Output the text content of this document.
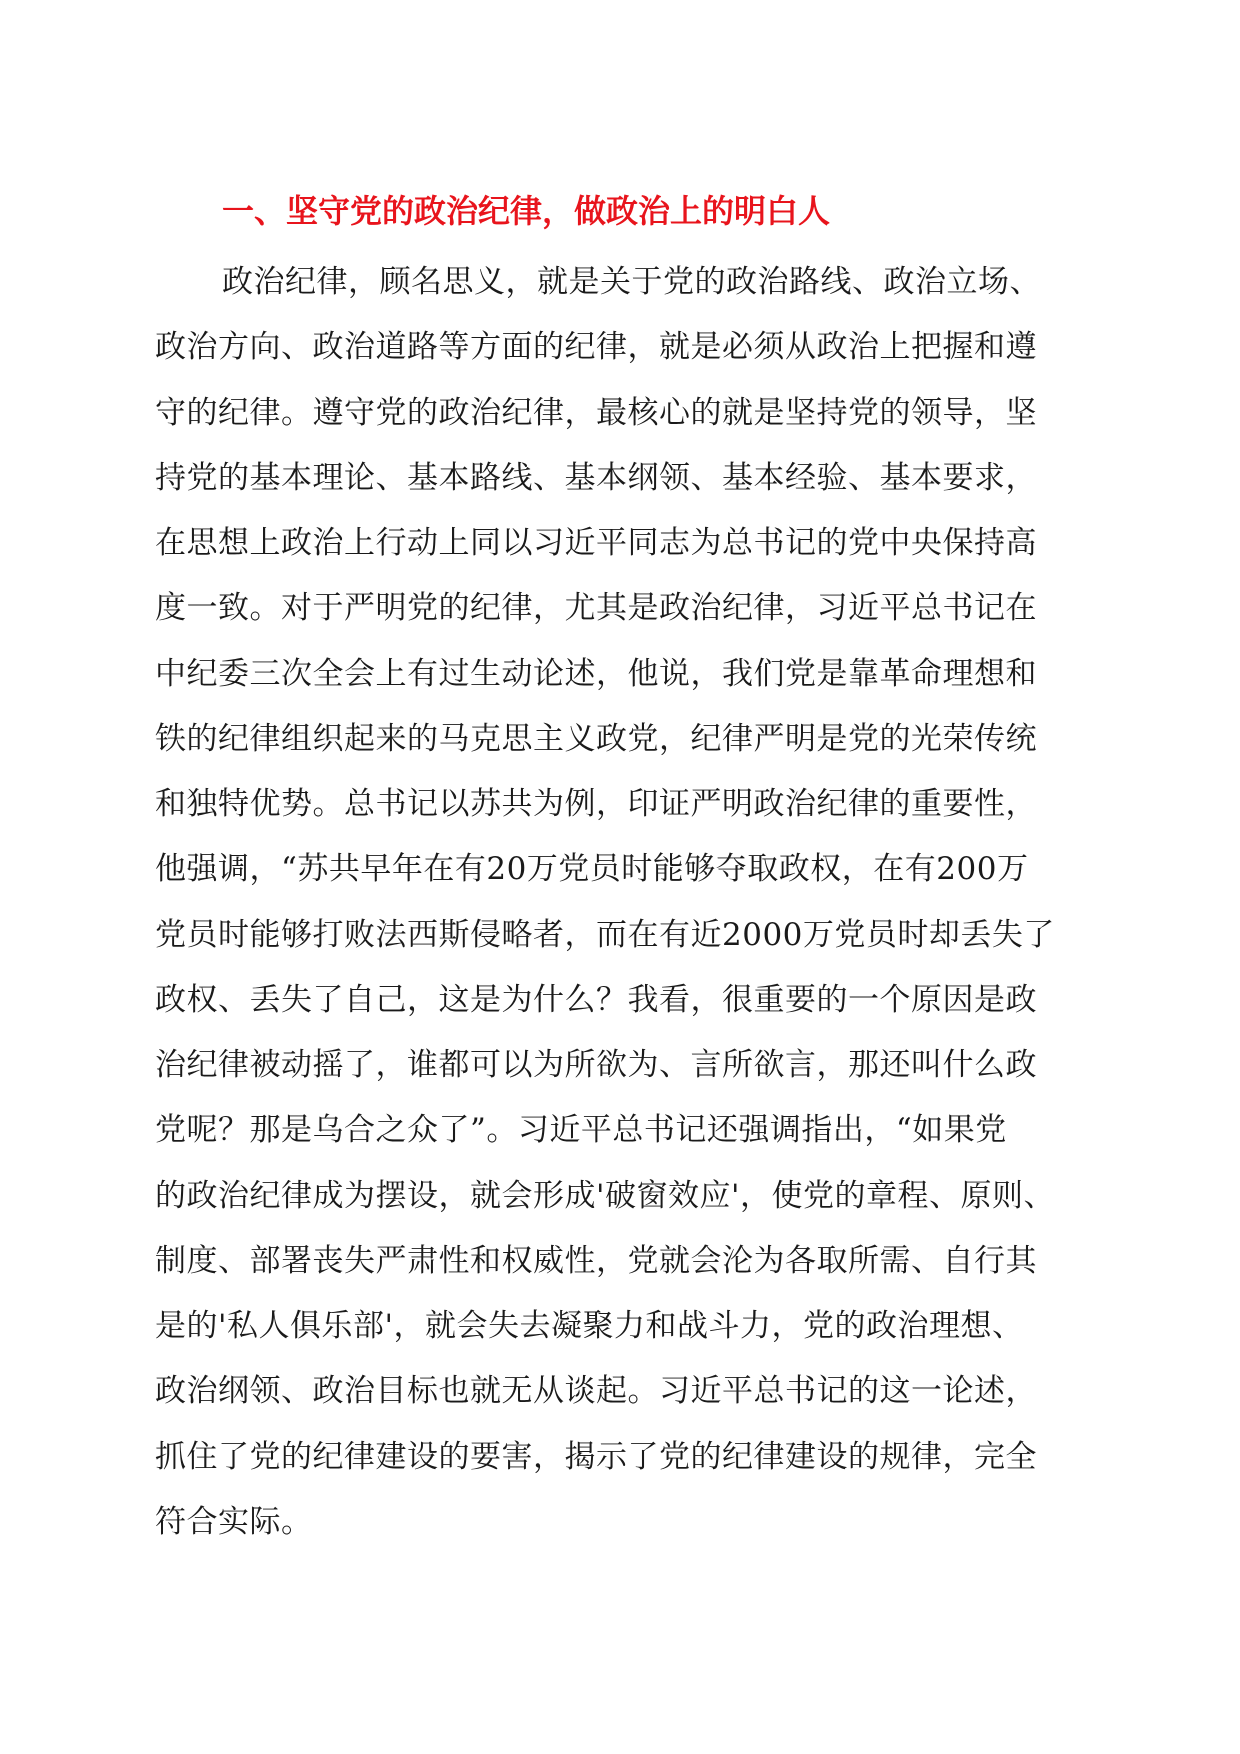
一、坚守党的政治纪律，做政治上的明白人
政治纪律，顾名思义，就是关于党的政治路线、政治立场、
政治方向、政治道路等方面的纪律，就是必须从政治上把握和遵
守的纪律。遵守党的政治纪律，最核心的就是坚持党的领导，坚
持党的基本理论、基本路线、基本纲领、基本经验、基本要求，
在思想上政治上行动上同以习近平同志为总书记的党中央保持高
度一致。对于严明党的纪律，尤其是政治纪律，习近平总书记在
中纪委三次全会上有过生动论述，他说，我们党是靠革命理想和
铁的纪律组织起来的马克思主义政党，纪律严明是党的光荣传统
和独特优势。总书记以苏共为例，印证严明政治纪律的重要性，
他强调，“苏共早年在有20万党员时能够夺取政权，在有200万
党员时能够打败法西斯侵略者，而在有近2000万党员时却丢失了
政权、丢失了自己，这是为什么？我看，很重要的一个原因是政
治纪律被动摇了，谁都可以为所欲为、言所欲言，那还叫什么政
党呢？那是乌合之众了”。习近平总书记还强调指出，“如果党
的政治纪律成为摆设，就会形成'破窗效应'，使党的章程、原则、
制度、部署丧失严肃性和权威性，党就会沦为各取所需、自行其
是的'私人俱乐部'，就会失去凝聚力和战斗力，党的政治理想、
政治纲领、政治目标也就无从谈起。习近平总书记的这一论述，
抓住了党的纪律建设的要害，揭示了党的纪律建设的规律，完全
符合实际。
